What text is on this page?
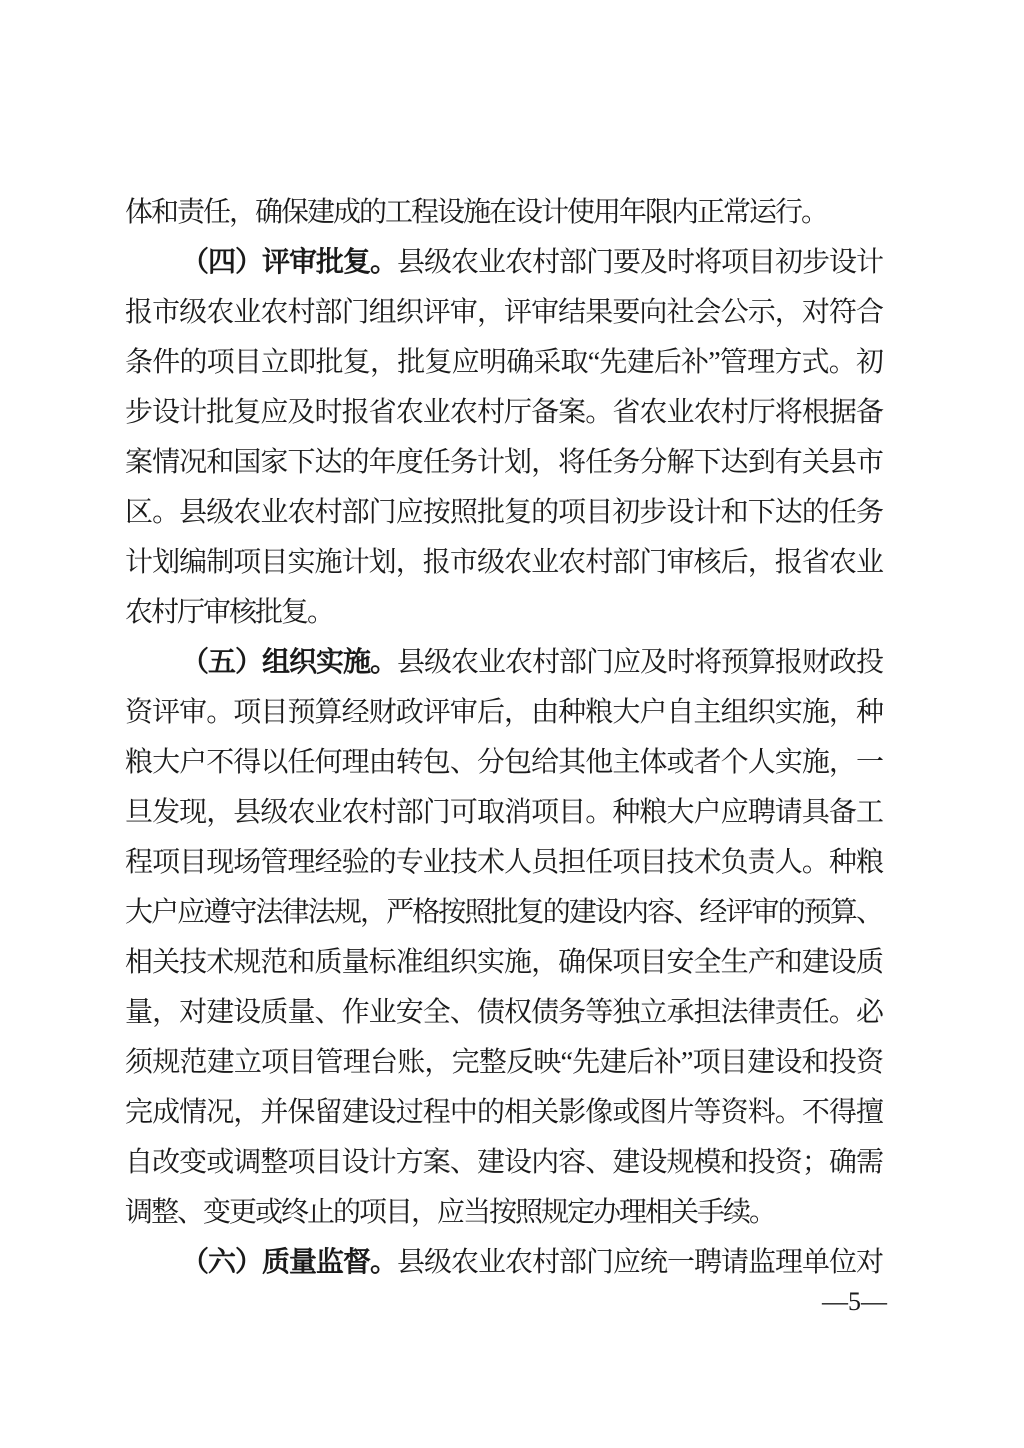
体和责任，确保建成的工程设施在设计使用年限内正常运行。
（四）评审批复。县级农业农村部门要及时将项目初步设计
报市级农业农村部门组织评审，评审结果要向社会公示，对符合
条件的项目立即批复，批复应明确采取“先建后补”管理方式。初
步设计批复应及时报省农业农村厅备案。省农业农村厅将根据备
案情况和国家下达的年度任务计划，将任务分解下达到有关县市
区。县级农业农村部门应按照批复的项目初步设计和下达的任务
计划编制项目实施计划，报市级农业农村部门审核后，报省农业
农村厅审核批复。
（五）组织实施。县级农业农村部门应及时将预算报财政投
资评审。项目预算经财政评审后，由种粮大户自主组织实施，种
粮大户不得以任何理由转包、分包给其他主体或者个人实施，一
旦发现，县级农业农村部门可取消项目。种粮大户应聘请具备工
程项目现场管理经验的专业技术人员担任项目技术负责人。种粮
大户应遵守法律法规，严格按照批复的建设内容、经评审的预算、
相关技术规范和质量标准组织实施，确保项目安全生产和建设质
量，对建设质量、作业安全、债权债务等独立承担法律责任。必
须规范建立项目管理台账，完整反映“先建后补”项目建设和投资
完成情况，并保留建设过程中的相关影像或图片等资料。不得擅
自改变或调整项目设计方案、建设内容、建设规模和投资；确需
调整、变更或终止的项目，应当按照规定办理相关手续。
（六）质量监督。县级农业农村部门应统一聘请监理单位对
—5—
